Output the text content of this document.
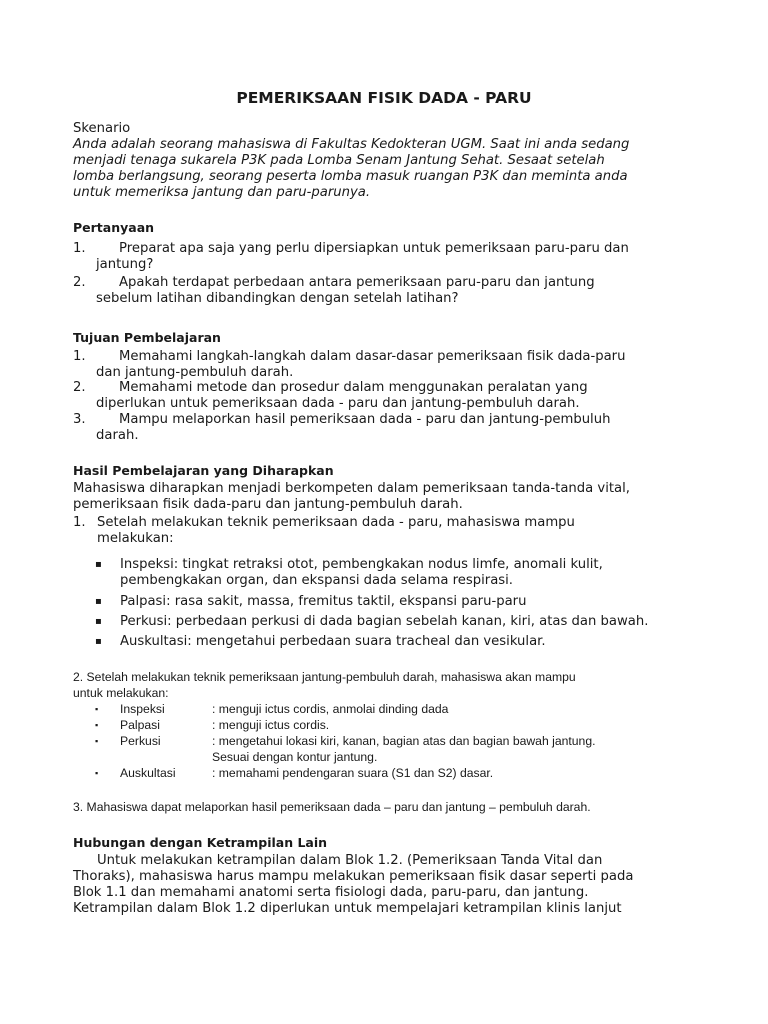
PEMERIKSAAN FISIK DADA - PARU
Skenario
Anda adalah seorang mahasiswa di Fakultas Kedokteran UGM. Saat ini anda sedang
menjadi tenaga sukarela P3K pada Lomba Senam Jantung Sehat. Sesaat setelah
lomba berlangsung, seorang peserta lomba masuk ruangan P3K dan meminta anda
untuk memeriksa jantung dan paru-parunya.
Pertanyaan
1.	Preparat apa saja yang perlu dipersiapkan untuk pemeriksaan paru-paru dan
jantung?
2.	Apakah terdapat perbedaan antara pemeriksaan paru-paru dan jantung
sebelum latihan dibandingkan dengan setelah latihan?
Tujuan Pembelajaran
1.	Memahami langkah-langkah dalam dasar-dasar pemeriksaan fisik dada-paru
dan jantung-pembuluh darah.
2.	Memahami metode dan prosedur dalam menggunakan peralatan yang
diperlukan untuk pemeriksaan dada - paru dan jantung-pembuluh darah.
3.	Mampu melaporkan hasil pemeriksaan dada - paru dan jantung-pembuluh
darah.
Hasil Pembelajaran yang Diharapkan
Mahasiswa diharapkan menjadi berkompeten dalam pemeriksaan tanda-tanda vital,
pemeriksaan fisik dada-paru dan jantung-pembuluh darah.
1. Setelah melakukan teknik pemeriksaan dada - paru, mahasiswa mampu
melakukan:
▪ Inspeksi: tingkat retraksi otot, pembengkakan nodus limfe, anomali kulit,
pembengkakan organ, dan ekspansi dada selama respirasi.
▪ Palpasi: rasa sakit, massa, fremitus taktil, ekspansi paru-paru
▪ Perkusi: perbedaan perkusi di dada bagian sebelah kanan, kiri, atas dan bawah.
▪ Auskultasi: mengetahui perbedaan suara tracheal dan vesikular.
2. Setelah melakukan teknik pemeriksaan jantung-pembuluh darah, mahasiswa akan mampu
untuk melakukan:
▪ Inspeksi	: menguji ictus cordis, anmolai dinding dada
▪ Palpasi	: menguji ictus cordis.
▪ Perkusi	: mengetahui lokasi kiri, kanan, bagian atas dan bagian bawah jantung.
Sesuai dengan kontur jantung.
▪ Auskultasi	: memahami pendengaran suara (S1 dan S2) dasar.
3. Mahasiswa dapat melaporkan hasil pemeriksaan dada – paru dan jantung – pembuluh darah.
Hubungan dengan Ketrampilan Lain
Untuk melakukan ketrampilan dalam Blok 1.2. (Pemeriksaan Tanda Vital dan
Thoraks), mahasiswa harus mampu melakukan pemeriksaan fisik dasar seperti pada
Blok 1.1 dan memahami anatomi serta fisiologi dada, paru-paru, dan jantung.
Ketrampilan dalam Blok 1.2 diperlukan untuk mempelajari ketrampilan klinis lanjut
